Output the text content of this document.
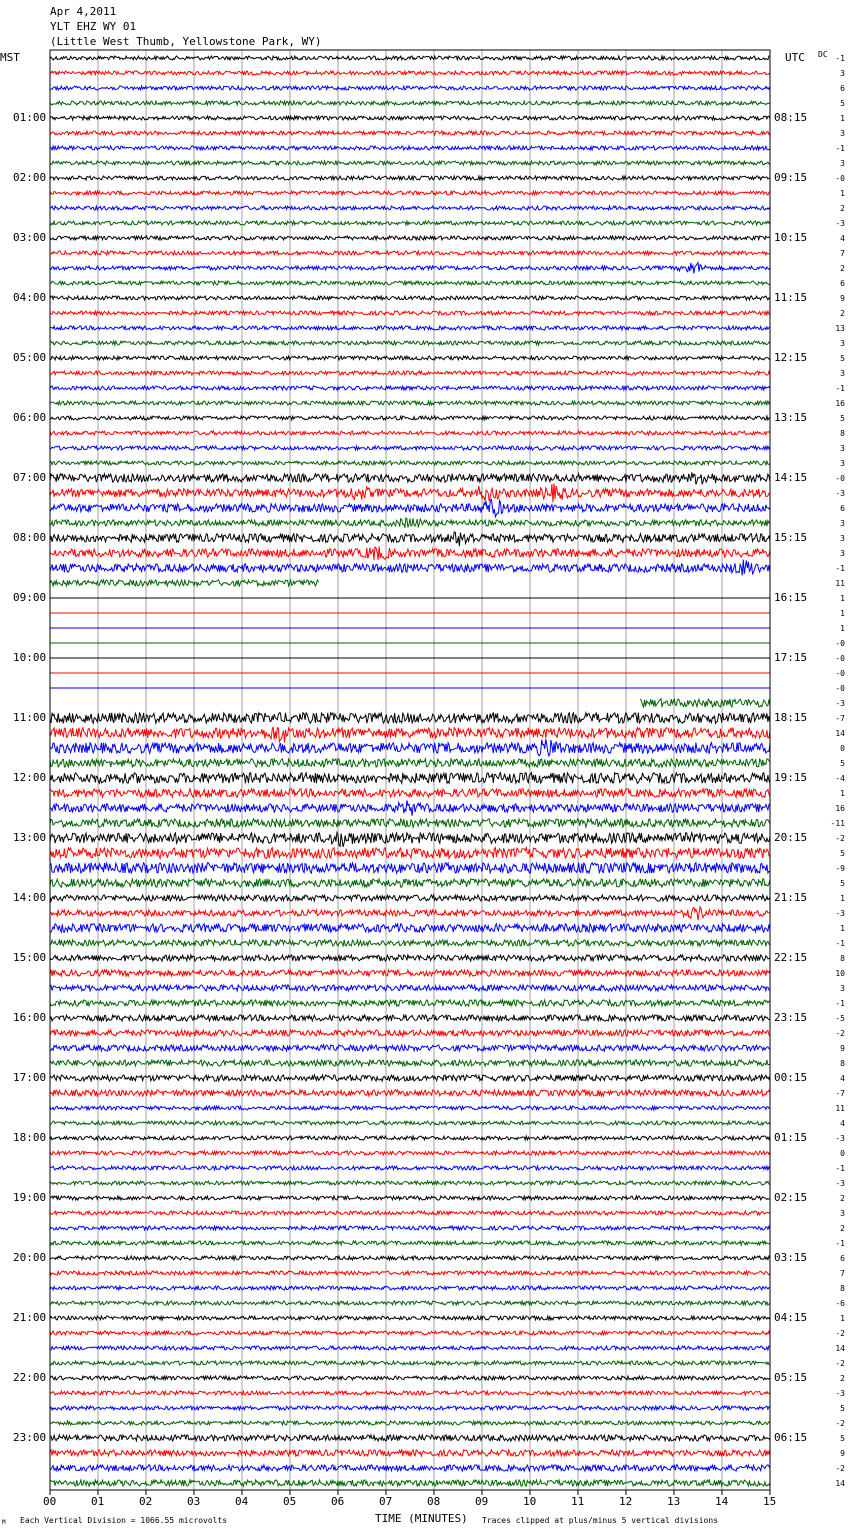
Apr 4,2011
YLT EHZ WY 01
(Little West Thumb, Yellowstone Park, WY)
MST	UTC DC
01:00
02:00
03:00
04:00
05:00
06:00
07:00
08:00
09:00
10:00
11:00
12:00
13:00
14:00
15:00
16:00
17:00
18:00
19:00
20:00
21:00
22:00
23:00
08:15
09:15
10:15
11:15
12:15
13:15
14:15
15:15
16:15
17:15
18:15
19:15
20:15
21:15
22:15
23:15
00:15
01:15
02:15
03:15
04:15
05:15
06:15
-1
3
6
5
1
3
-1
3
-0
1
2
-3
4
7
2
6
9
2
13
3
5
3
-1
16
5
8
3
3
-0
-3
6
3
3
3
-1
11
1
1
1
-0
-0
-0
-0
-3
-7
14
0
5
-4
1
16
-11
-2
5
-9
5
1
-3
1
-1
8
10
3
-1
-5
-2
9
8
4
-7
11
4
-3
0
-1
-3
2
3
2
-1
6
7
8
-6
1
-2
14
-2
2
-3
5
-2
5
9
-2
14
00	01	02	03	04	05	06	07	08	09	10	11	12	13	14	15
TIME (MINUTES)
Each Vertical Division = 1066.55 microvolts	Traces clipped at plus/minus 5 vertical divisions
M
